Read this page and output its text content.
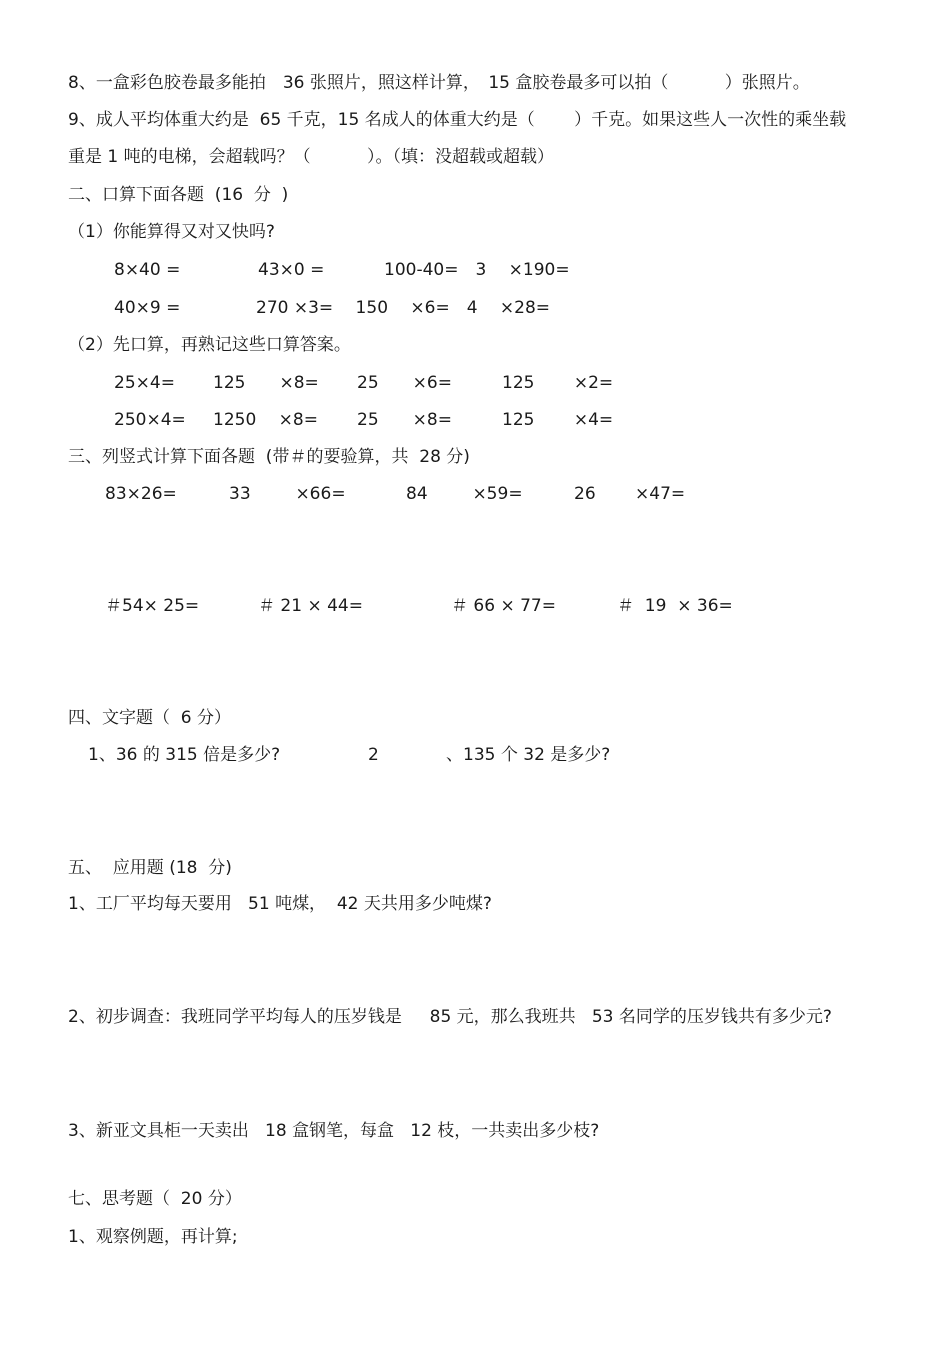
8、一盒彩色胶卷最多能拍　36 张照片，照这样计算，　15 盒胶卷最多可以拍（　　　 ）张照片。
9、成人平均体重大约是  65 千克，15 名成人的体重大约是（　　 ）千克。如果这些人一次性的乘坐载
重是 1 吨的电梯，会超载吗？（　　　 ）。（填：没超载或超载）
二、口算下面各题  (16  分  )
（1）你能算得又对又快吗?
8×40 =	43×0 =	100-40=　3　 ×190=
40×9 =	270 ×3=　 150　 ×6=　4　 ×28=
（2）先口算，再熟记这些口算答案。
25×4= 125　　×8= 25　　×6=	125　　 ×2=
250×4= 1250　 ×8= 25　　×8=	125　　 ×4=
三、列竖式计算下面各题  (带＃的要验算，共  28 分)
83×26=	33　　  ×66=	84　　  ×59=	26　　 ×47=
＃54× 25=	＃ 21 × 44=	＃ 66 × 77=	＃  19  × 36=
四、文字题（  6 分）
1、36 的 315 倍是多少?	2	、135 个 32 是多少?
五、  应用题 (18  分)
1、工厂平均每天要用   51 吨煤，  42 天共用多少吨煤?
2、初步调查：我班同学平均每人的压岁钱是　  85 元，那么我班共   53 名同学的压岁钱共有多少元?
3、新亚文具柜一天卖出   18 盒钢笔，每盒   12 枝，一共卖出多少枝?
七、思考题（  20 分）
1、观察例题，再计算;
